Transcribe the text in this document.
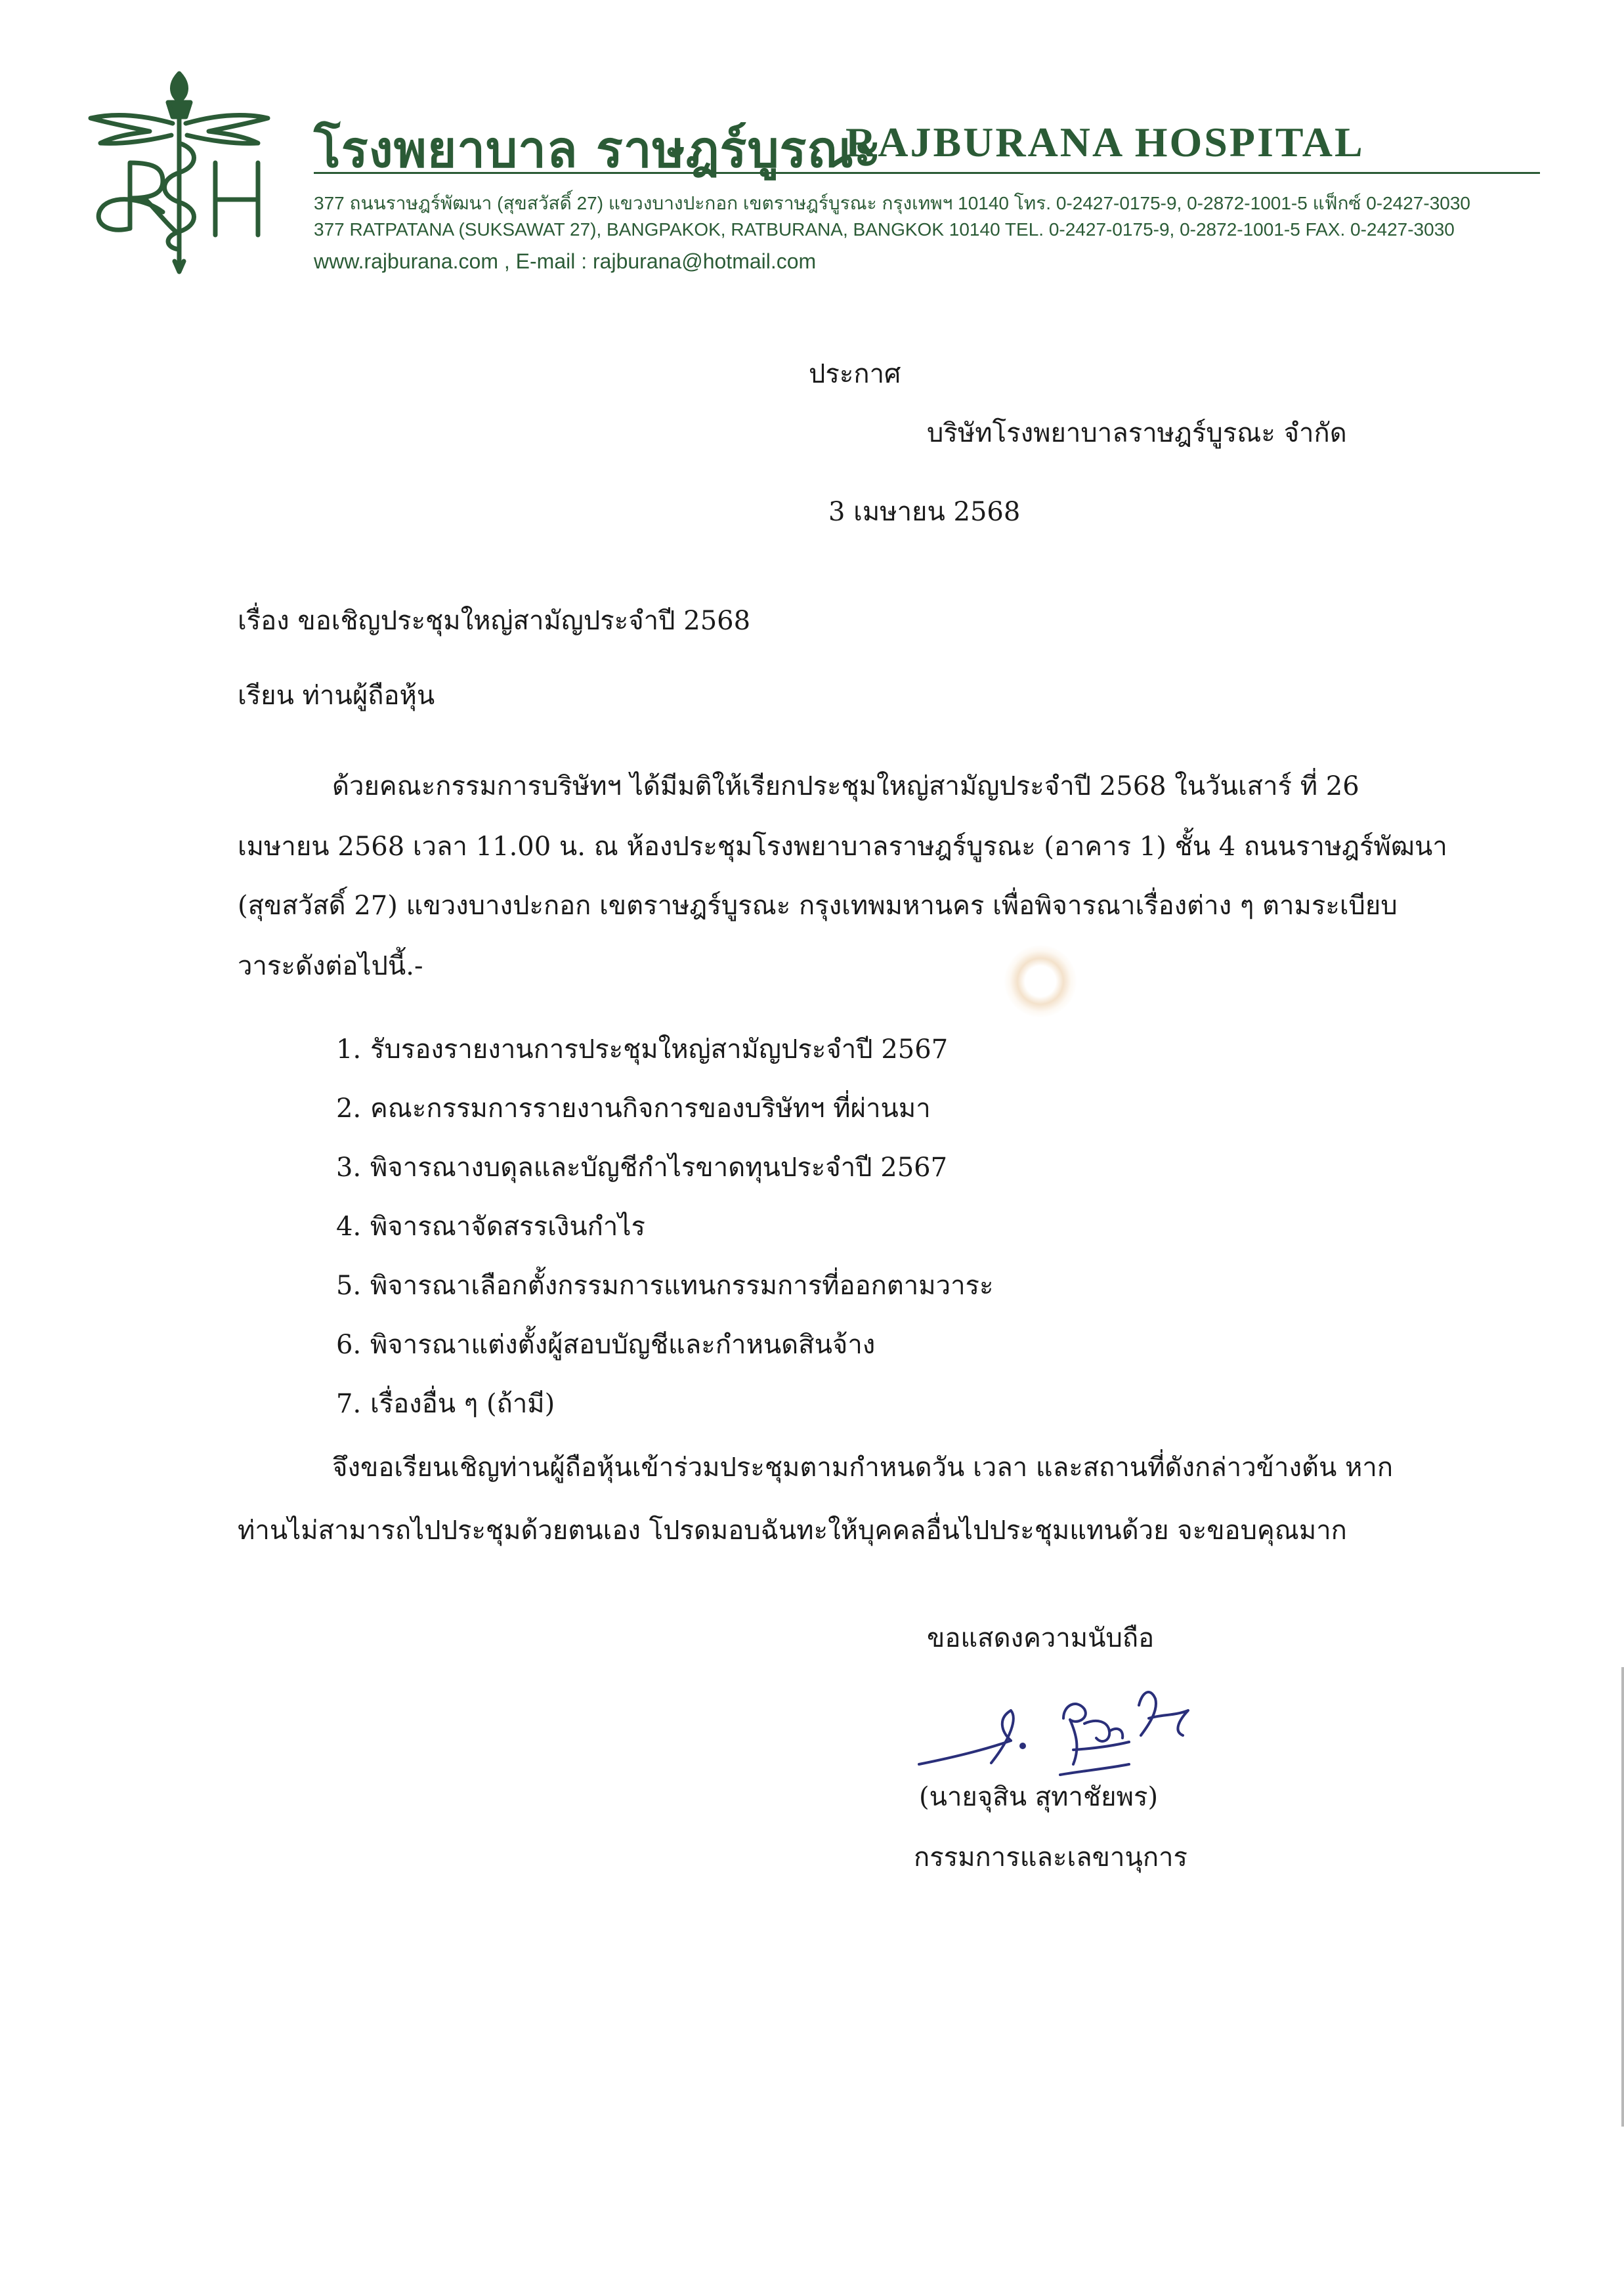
โรงพยาบาล ราษฎร์บูรณะ
RAJBURANA HOSPITAL
377 ถนนราษฎร์พัฒนา (สุขสวัสดิ์ 27) แขวงบางปะกอก เขตราษฎร์บูรณะ กรุงเทพฯ 10140 โทร. 0-2427-0175-9, 0-2872-1001-5 แฟ็กซ์ 0-2427-3030
377 RATPATANA (SUKSAWAT 27), BANGPAKOK, RATBURANA, BANGKOK 10140 TEL. 0-2427-0175-9, 0-2872-1001-5 FAX. 0-2427-3030
www.rajburana.com , E-mail : rajburana@hotmail.com
ประกาศ
บริษัทโรงพยาบาลราษฎร์บูรณะ จำกัด
3 เมษายน 2568
เรื่อง ขอเชิญประชุมใหญ่สามัญประจำปี 2568
เรียน ท่านผู้ถือหุ้น
ด้วยคณะกรรมการบริษัทฯ ได้มีมติให้เรียกประชุมใหญ่สามัญประจำปี 2568 ในวันเสาร์ ที่ 26
เมษายน 2568 เวลา 11.00 น. ณ ห้องประชุมโรงพยาบาลราษฎร์บูรณะ (อาคาร 1) ชั้น 4 ถนนราษฎร์พัฒนา
(สุขสวัสดิ์ 27) แขวงบางปะกอก เขตราษฎร์บูรณะ กรุงเทพมหานคร เพื่อพิจารณาเรื่องต่าง ๆ ตามระเบียบ
วาระดังต่อไปนี้.-
1. รับรองรายงานการประชุมใหญ่สามัญประจำปี 2567
2. คณะกรรมการรายงานกิจการของบริษัทฯ ที่ผ่านมา
3. พิจารณางบดุลและบัญชีกำไรขาดทุนประจำปี 2567
4. พิจารณาจัดสรรเงินกำไร
5. พิจารณาเลือกตั้งกรรมการแทนกรรมการที่ออกตามวาระ
6. พิจารณาแต่งตั้งผู้สอบบัญชีและกำหนดสินจ้าง
7. เรื่องอื่น ๆ (ถ้ามี)
จึงขอเรียนเชิญท่านผู้ถือหุ้นเข้าร่วมประชุมตามกำหนดวัน เวลา และสถานที่ดังกล่าวข้างต้น หาก
ท่านไม่สามารถไปประชุมด้วยตนเอง โปรดมอบฉันทะให้บุคคลอื่นไปประชุมแทนด้วย จะขอบคุณมาก
ขอแสดงความนับถือ
(นายจุสิน สุทาชัยพร)
กรรมการและเลขานุการ
